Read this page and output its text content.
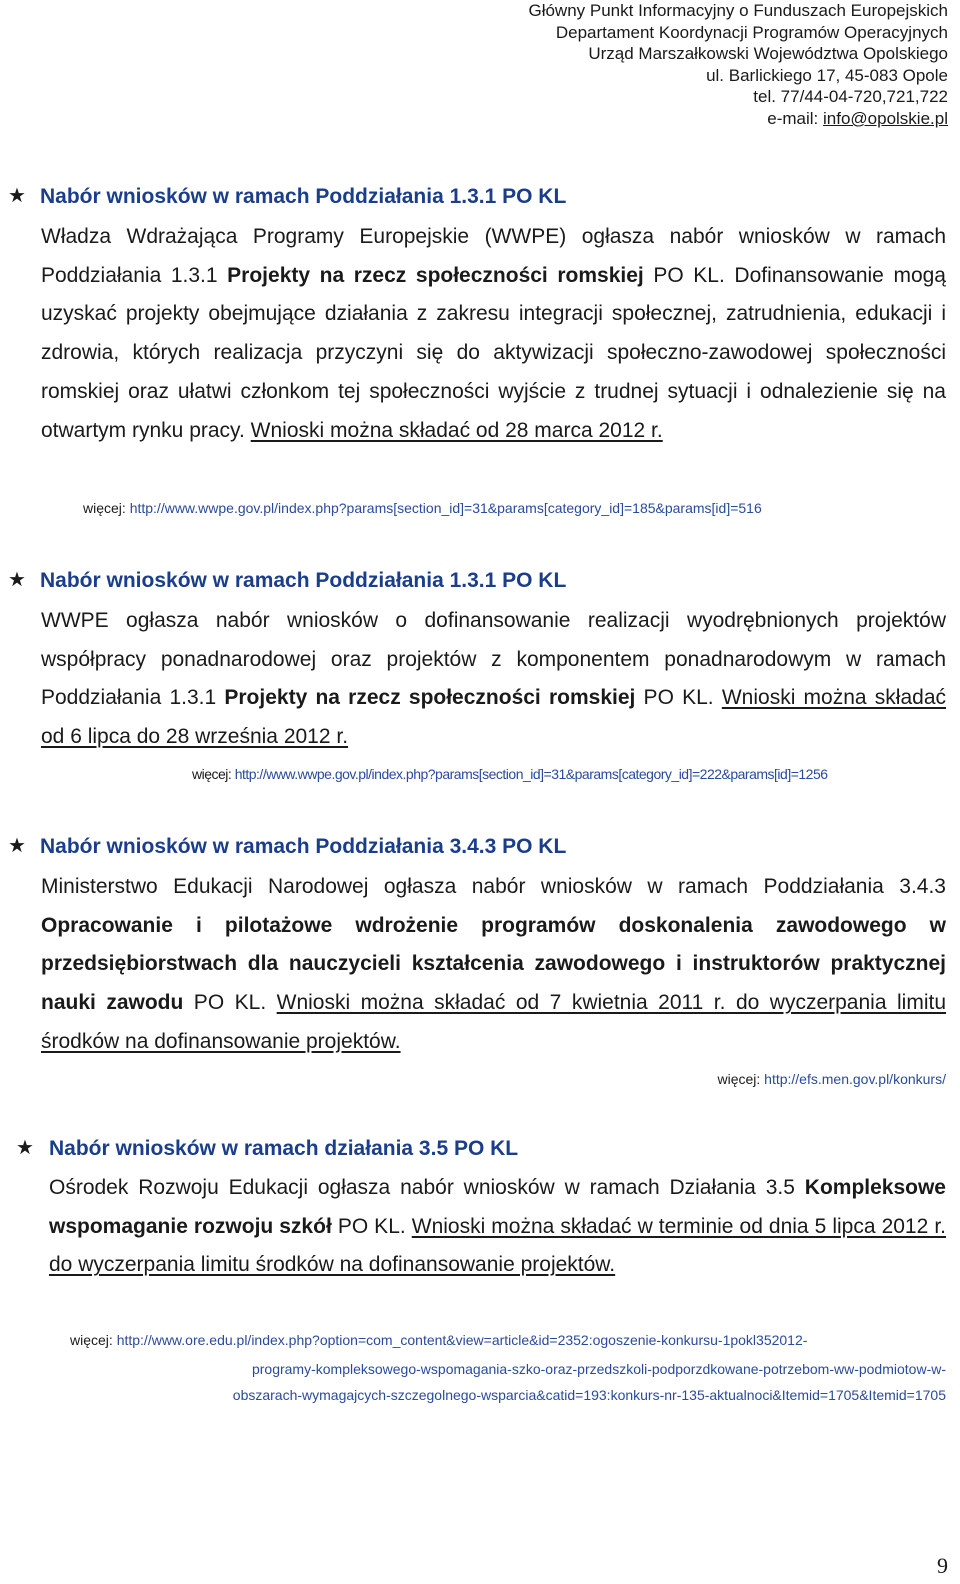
Główny Punkt Informacyjny o Funduszach Europejskich
Departament Koordynacji Programów Operacyjnych
Urząd Marszałkowski Województwa Opolskiego
ul. Barlickiego 17, 45-083 Opole
tel. 77/44-04-720,721,722
e-mail: info@opolskie.pl
★ Nabór wniosków w ramach Poddziałania 1.3.1 PO KL
Władza Wdrażająca Programy Europejskie (WWPE) ogłasza nabór wniosków w ramach Poddziałania 1.3.1 Projekty na rzecz społeczności romskiej PO KL. Dofinansowanie mogą uzyskać projekty obejmujące działania z zakresu integracji społecznej, zatrudnienia, edukacji i zdrowia, których realizacja przyczyni się do aktywizacji społeczno-zawodowej społeczności romskiej oraz ułatwi członkom tej społeczności wyjście z trudnej sytuacji i odnalezienie się na otwartym rynku pracy. Wnioski można składać od 28 marca 2012 r.
więcej: http://www.wwpe.gov.pl/index.php?params[section_id]=31&params[category_id]=185&params[id]=516
★ Nabór wniosków w ramach Poddziałania 1.3.1 PO KL
WWPE ogłasza nabór wniosków o dofinansowanie realizacji wyodrębnionych projektów współpracy ponadnarodowej oraz projektów z komponentem ponadnarodowym w ramach Poddziałania 1.3.1 Projekty na rzecz społeczności romskiej PO KL. Wnioski można składać od 6 lipca do 28 września 2012 r.
więcej: http://www.wwpe.gov.pl/index.php?params[section_id]=31&params[category_id]=222&params[id]=1256
★ Nabór wniosków w ramach Poddziałania 3.4.3 PO KL
Ministerstwo Edukacji Narodowej ogłasza nabór wniosków w ramach Poddziałania 3.4.3 Opracowanie i pilotażowe wdrożenie programów doskonalenia zawodowego w przedsiębiorstwach dla nauczycieli kształcenia zawodowego i instruktorów praktycznej nauki zawodu PO KL. Wnioski można składać od 7 kwietnia 2011 r. do wyczerpania limitu środków na dofinansowanie projektów.
więcej: http://efs.men.gov.pl/konkurs/
★ Nabór wniosków w ramach działania 3.5 PO KL
Ośrodek Rozwoju Edukacji ogłasza nabór wniosków w ramach Działania 3.5 Kompleksowe wspomaganie rozwoju szkół PO KL. Wnioski można składać w terminie od dnia 5 lipca 2012 r. do wyczerpania limitu środków na dofinansowanie projektów.
więcej: http://www.ore.edu.pl/index.php?option=com_content&view=article&id=2352:ogoszenie-konkursu-1pokl352012-
programy-kompleksowego-wspomagania-szko-oraz-przedszkoli-podporzdkowane-potrzebom-ww-podmiotow-w-
obszarach-wymagajcych-szczegolnego-wsparcia&catid=193:konkurs-nr-135-aktualnoci&Itemid=1705&Itemid=1705
9
